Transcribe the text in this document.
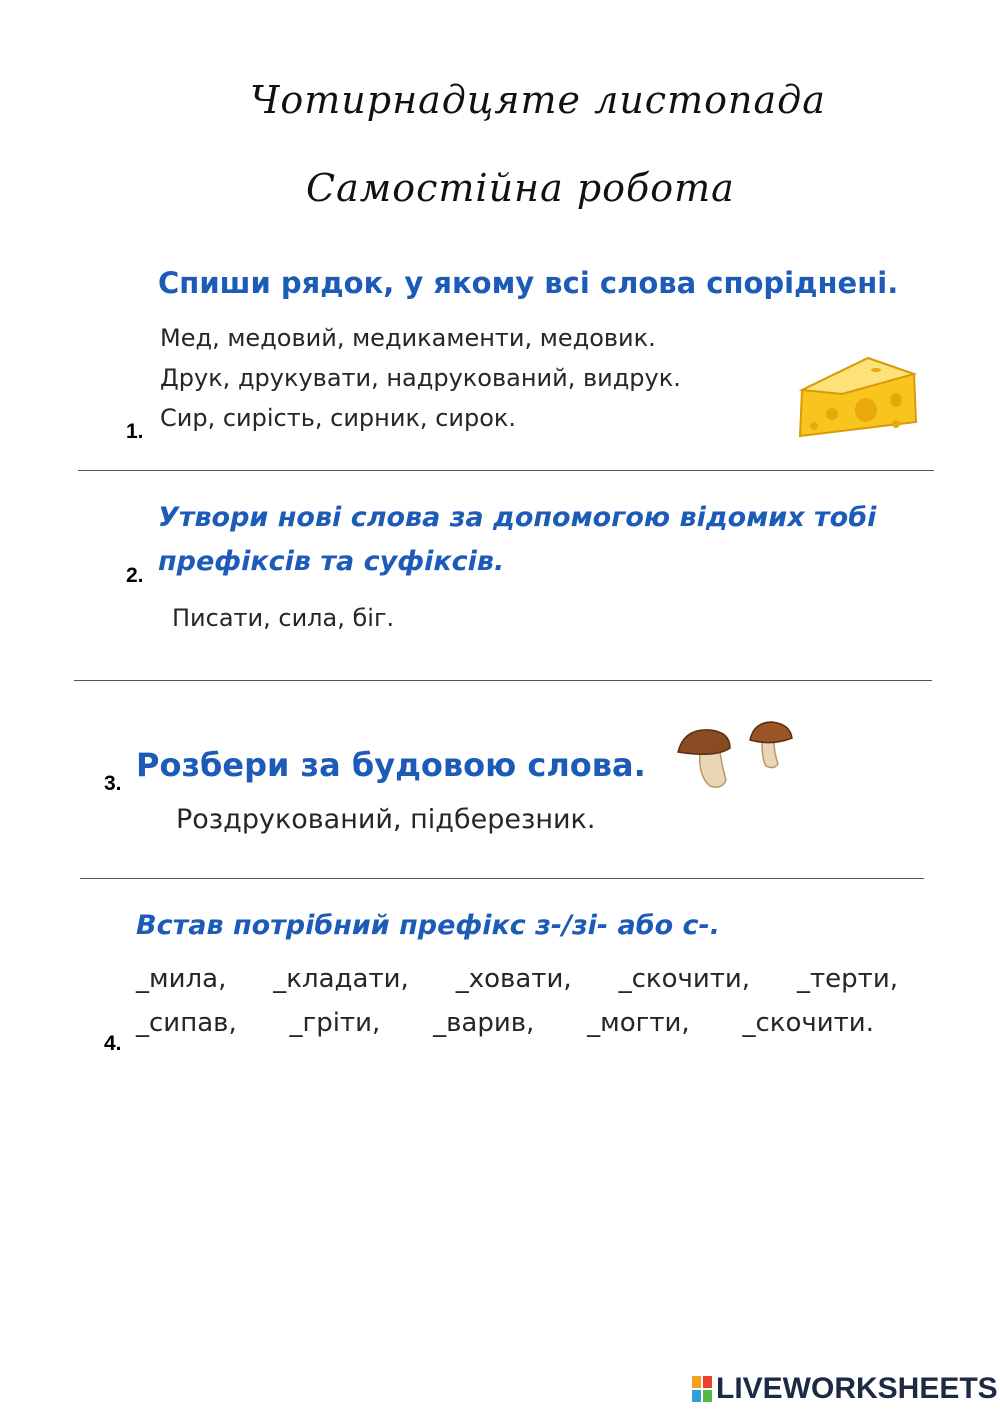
Чотирнадцяте листопада
Самостійна робота
Спиши рядок, у якому всі слова споріднені.
Мед, медовий, медикаменти, медовик.
Друк, друкувати, надрукований, видрук.
Сир, сирість, сирник, сирок.
1.
Утвори нові слова за допомогою відомих тобі
префіксів та суфіксів.
2.
Писати, сила, біг.
Розбери за будовою слова.
3.
Роздрукований, підберезник.
Встав потрібний префікс з-/зі- або с-.
_мила, _кладати, _ховати, _скочити, _терти,
_сипав, _гріти, _варив, _могти, _скочити.
4.
LIVEWORKSHEETS
